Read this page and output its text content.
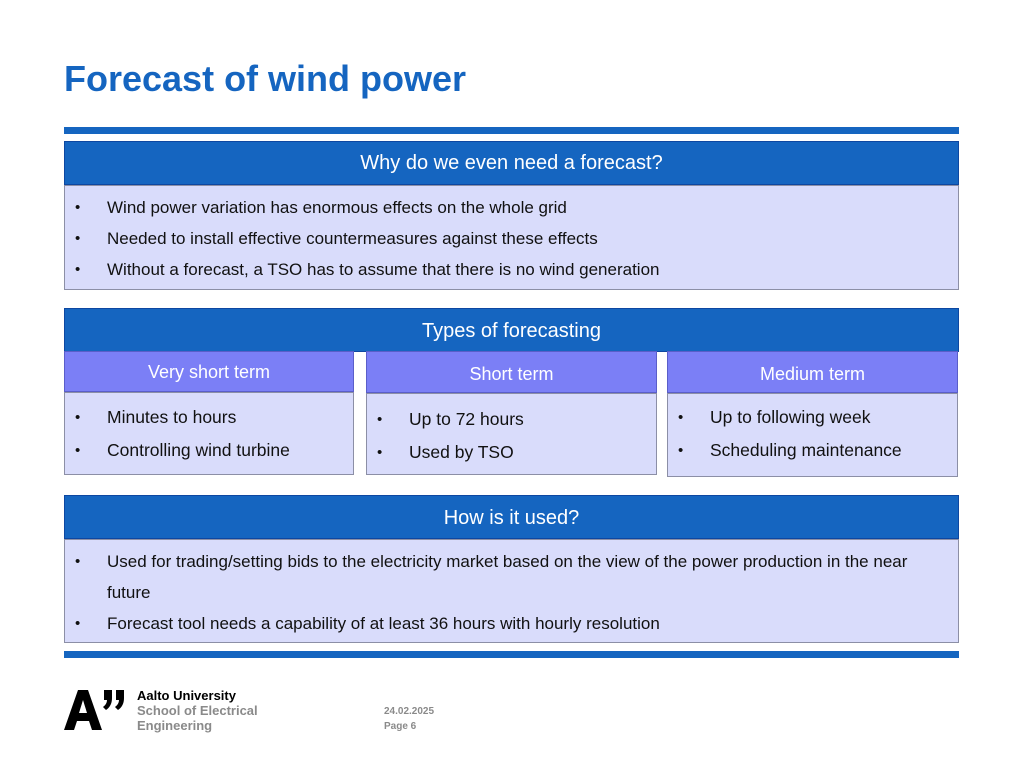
Forecast of wind power
Why do we even need a forecast?
• Wind power variation has enormous effects on the whole grid
• Needed to install effective countermeasures against these effects
• Without a forecast, a TSO has to assume that there is no wind generation
Types of forecasting
Very short term
• Minutes to hours
• Controlling wind turbine
Short term
• Up to 72 hours
• Used by TSO
Medium term
• Up to following week
• Scheduling maintenance
How is it used?
• Used for trading/setting bids to the electricity market based on the view of the power production in the near future
• Forecast tool needs a capability of at least 36 hours with hourly resolution
Aalto University
School of Electrical
Engineering
24.02.2025
Page 6
